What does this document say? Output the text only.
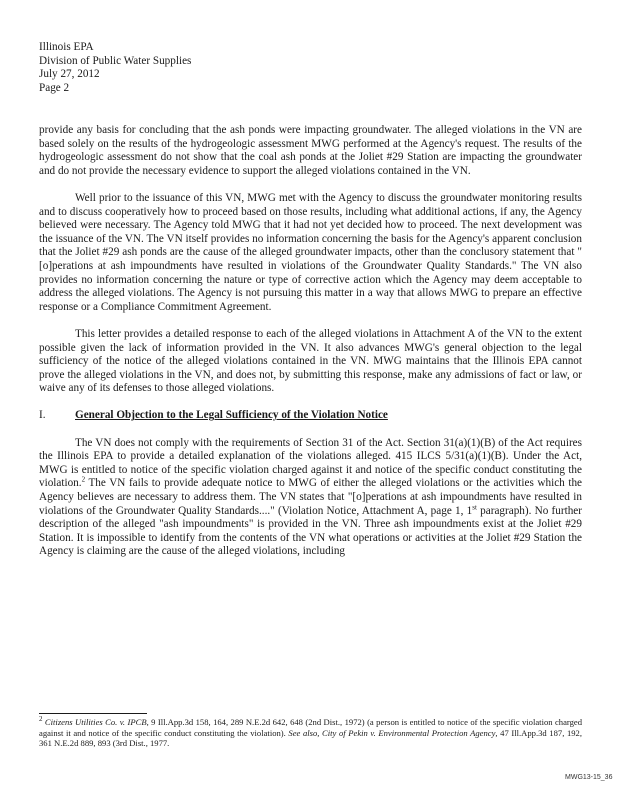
Illinois EPA
Division of Public Water Supplies
July 27, 2012
Page 2

provide any basis for concluding that the ash ponds were impacting groundwater. The alleged violations in the VN are based solely on the results of the hydrogeologic assessment MWG performed at the Agency's request. The results of the hydrogeologic assessment do not show that the coal ash ponds at the Joliet #29 Station are impacting the groundwater and do not provide the necessary evidence to support the alleged violations contained in the VN.

Well prior to the issuance of this VN, MWG met with the Agency to discuss the groundwater monitoring results and to discuss cooperatively how to proceed based on those results, including what additional actions, if any, the Agency believed were necessary. The Agency told MWG that it had not yet decided how to proceed. The next development was the issuance of the VN. The VN itself provides no information concerning the basis for the Agency's apparent conclusion that the Joliet #29 ash ponds are the cause of the alleged groundwater impacts, other than the conclusory statement that "[o]perations at ash impoundments have resulted in violations of the Groundwater Quality Standards." The VN also provides no information concerning the nature or type of corrective action which the Agency may deem acceptable to address the alleged violations. The Agency is not pursuing this matter in a way that allows MWG to prepare an effective response or a Compliance Commitment Agreement.

This letter provides a detailed response to each of the alleged violations in Attachment A of the VN to the extent possible given the lack of information provided in the VN. It also advances MWG's general objection to the legal sufficiency of the notice of the alleged violations contained in the VN. MWG maintains that the Illinois EPA cannot prove the alleged violations in the VN, and does not, by submitting this response, make any admissions of fact or law, or waive any of its defenses to those alleged violations.

I.	General Objection to the Legal Sufficiency of the Violation Notice

The VN does not comply with the requirements of Section 31 of the Act. Section 31(a)(1)(B) of the Act requires the Illinois EPA to provide a detailed explanation of the violations alleged. 415 ILCS 5/31(a)(1)(B). Under the Act, MWG is entitled to notice of the specific violation charged against it and notice of the specific conduct constituting the violation.$^2$ The VN fails to provide adequate notice to MWG of either the alleged violations or the activities which the Agency believes are necessary to address them. The VN states that "[o]perations at ash impoundments have resulted in violations of the Groundwater Quality Standards...." (Violation Notice, Attachment A, page 1, 1st paragraph). No further description of the alleged "ash impoundments" is provided in the VN. Three ash impoundments exist at the Joliet #29 Station. It is impossible to identify from the contents of the VN what operations or activities at the Joliet #29 Station the Agency is claiming are the cause of the alleged violations, including

$^2$ Citizens Utilities Co. v. IPCB, 9 Ill.App.3d 158, 164, 289 N.E.2d 642, 648 (2nd Dist., 1972) (a person is entitled to notice of the specific violation charged against it and notice of the specific conduct constituting the violation). See also, City of Pekin v. Environmental Protection Agency, 47 Ill.App.3d 187, 192, 361 N.E.2d 889, 893 (3rd Dist., 1977.
MWG13-15_36
